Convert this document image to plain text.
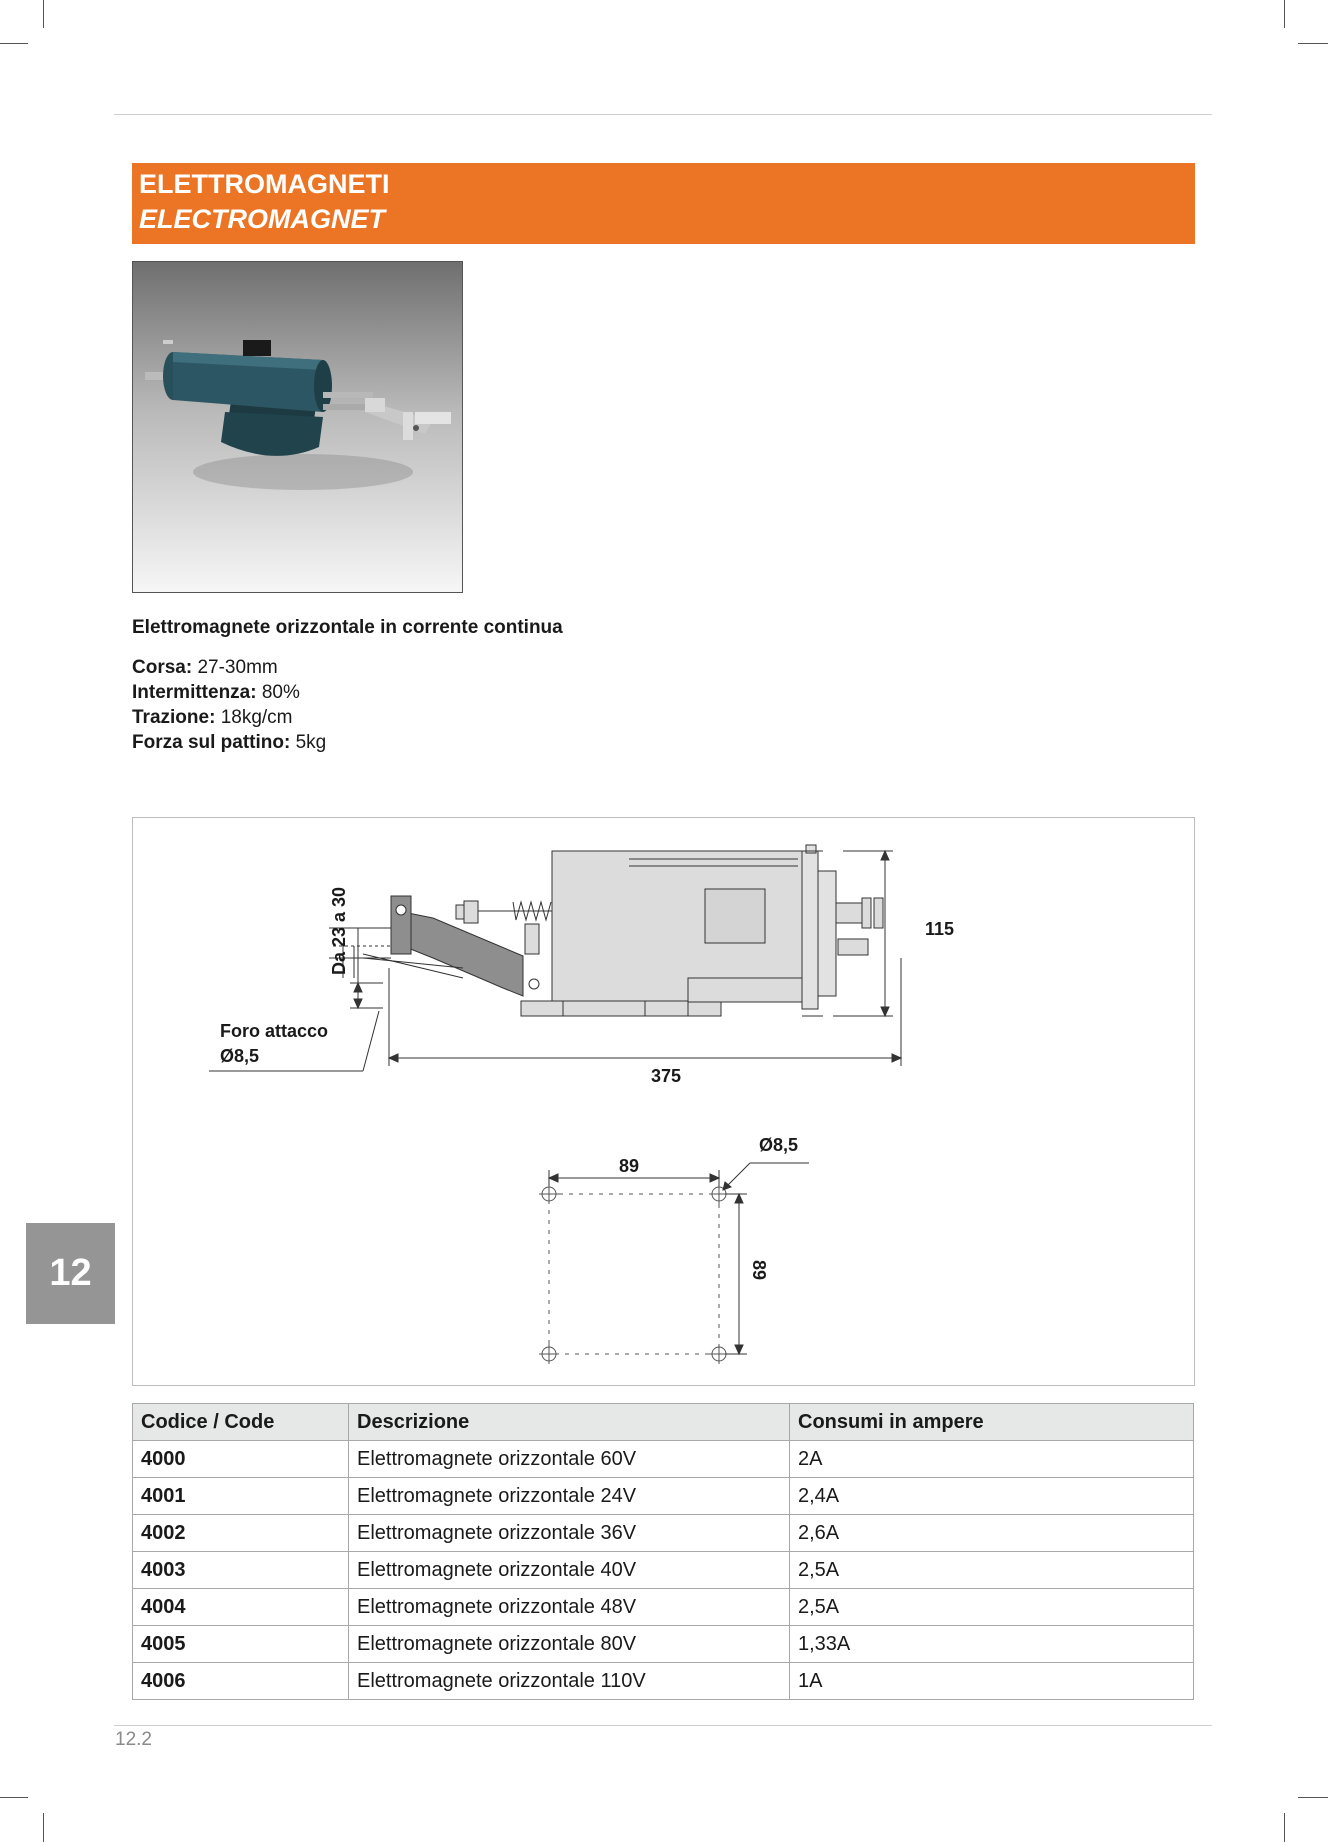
ELETTROMAGNETI
ELECTROMAGNET
Elettromagnete orizzontale in corrente continua
Corsa: 27-30mm
Intermittenza: 80%
Trazione: 18kg/cm
Forza sul pattino: 5kg
Da 23 a 30	115
375
Foro attacco
Ø8,5
Ø8,5
89
89
12
Codice / Code	Descrizione	Consumi in ampere
4000	Elettromagnete orizzontale 60V	2A
4001	Elettromagnete orizzontale 24V	2,4A
4002	Elettromagnete orizzontale 36V	2,6A
4003	Elettromagnete orizzontale 40V	2,5A
4004	Elettromagnete orizzontale 48V	2,5A
4005	Elettromagnete orizzontale 80V	1,33A
4006	Elettromagnete orizzontale 110V	1A
12.2
